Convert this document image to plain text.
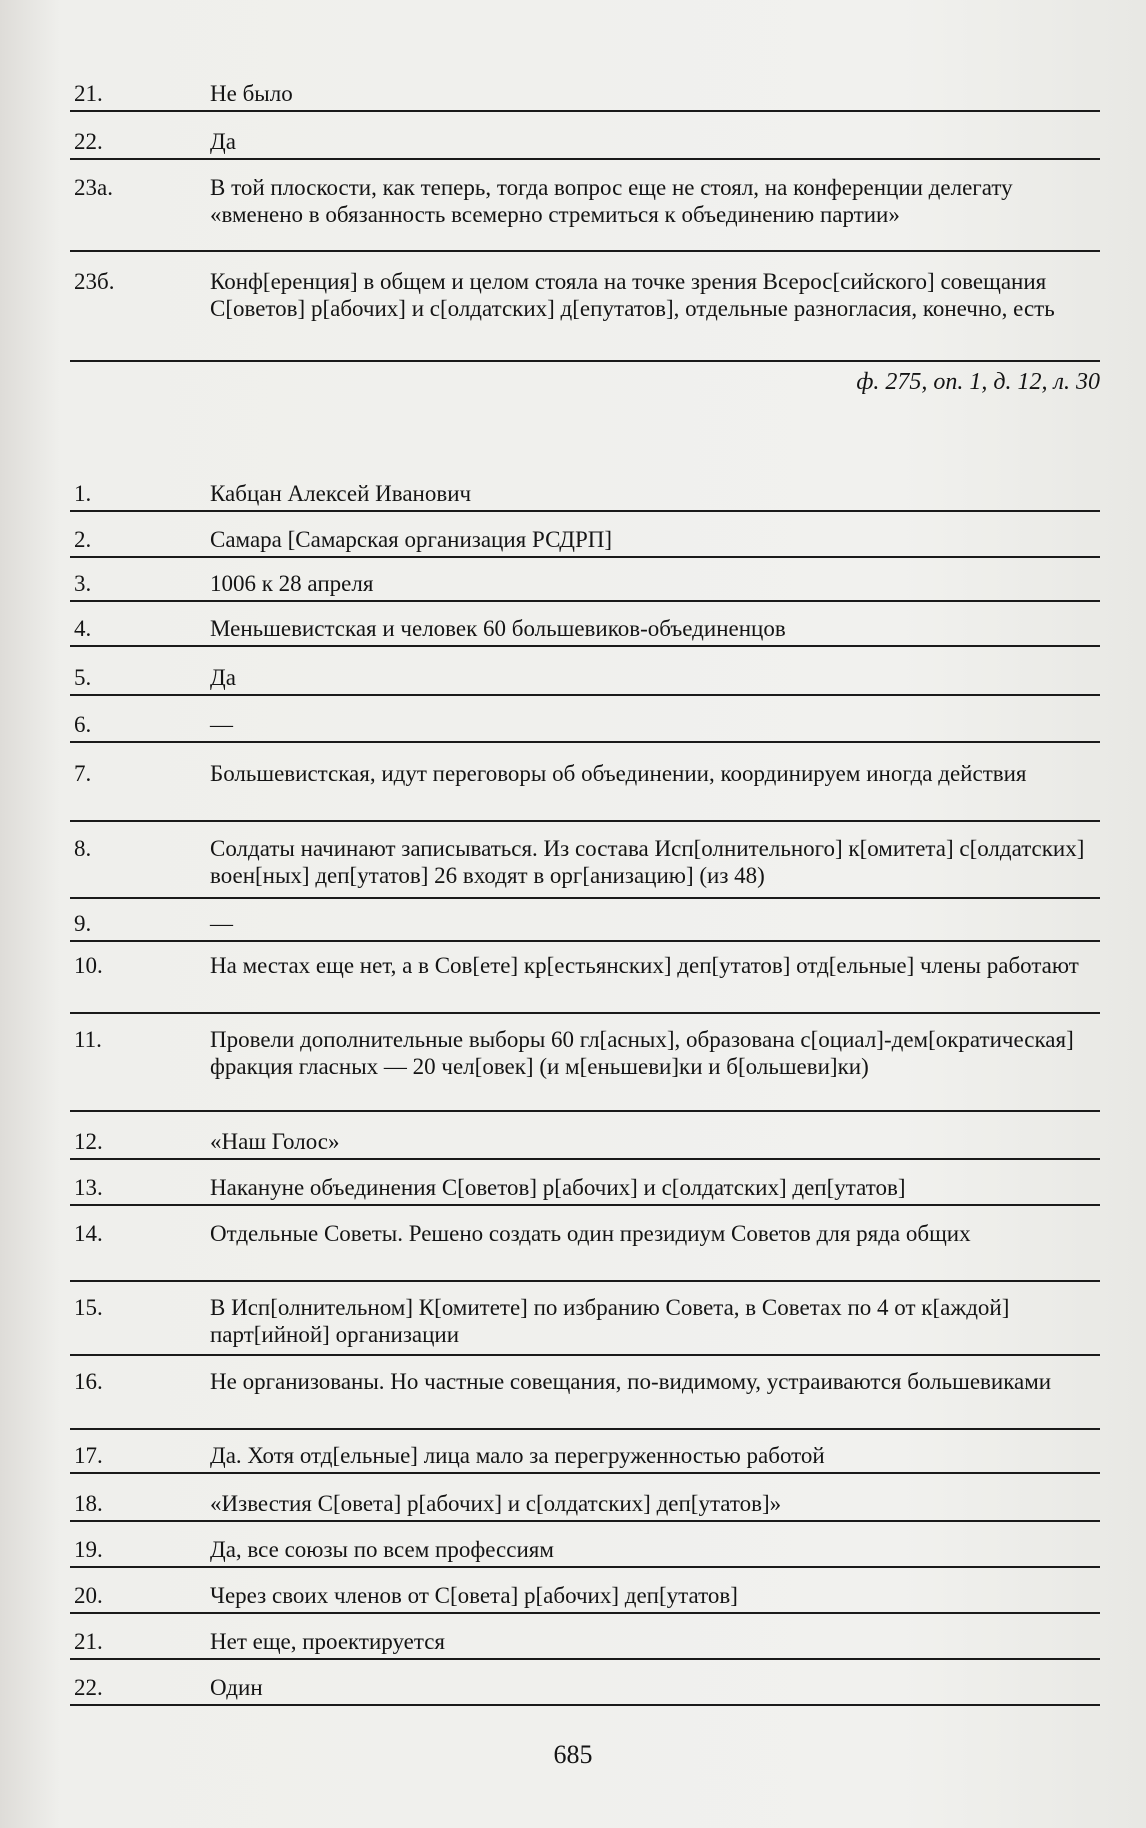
21.	Не было
22.	Да
23а.	В той плоскости, как теперь, тогда вопрос еще не стоял, на конференции делегату «вменено в обязанность всемерно стремиться к объединению партии»
23б.	Конф[еренция] в общем и целом стояла на точке зрения Всерос[сийского] совещания С[оветов] р[абочих] и с[олдатских] д[епутатов], отдельные разногласия, конечно, есть
ф. 275, оп. 1, д. 12, л. 30
1.	Кабцан Алексей Иванович
2.	Самара [Самарская организация РСДРП]
3.	1006 к 28 апреля
4.	Меньшевистская и человек 60 большевиков-объединенцов
5.	Да
6.	—
7.	Большевистская, идут переговоры об объединении, координируем иногда действия
8.	Солдаты начинают записываться. Из состава Исп[олнительного] к[омитета] с[олдатских] воен[ных] деп[утатов] 26 входят в орг[анизацию] (из 48)
9.	—
10.	На местах еще нет, а в Сов[ете] кр[естьянских] деп[утатов] отд[ельные] члены работают
11.	Провели дополнительные выборы 60 гл[асных], образована с[оциал]-дем[ократическая] фракция гласных — 20 чел[овек] (и м[еньшеви]ки и б[ольшеви]ки)
12.	«Наш Голос»
13.	Накануне объединения С[оветов] р[абочих] и с[олдатских] деп[утатов]
14.	Отдельные Советы. Решено создать один президиум Советов для ряда общих
15.	В Исп[олнительном] К[омитете] по избранию Совета, в Советах по 4 от к[аждой] парт[ийной] организации
16.	Не организованы. Но частные совещания, по-видимому, устраиваются большевиками
17.	Да. Хотя отд[ельные] лица мало за перегруженностью работой
18.	«Известия С[овета] р[абочих] и с[олдатских] деп[утатов]»
19.	Да, все союзы по всем профессиям
20.	Через своих членов от С[овета] р[абочих] деп[утатов]
21.	Нет еще, проектируется
22.	Один
685
